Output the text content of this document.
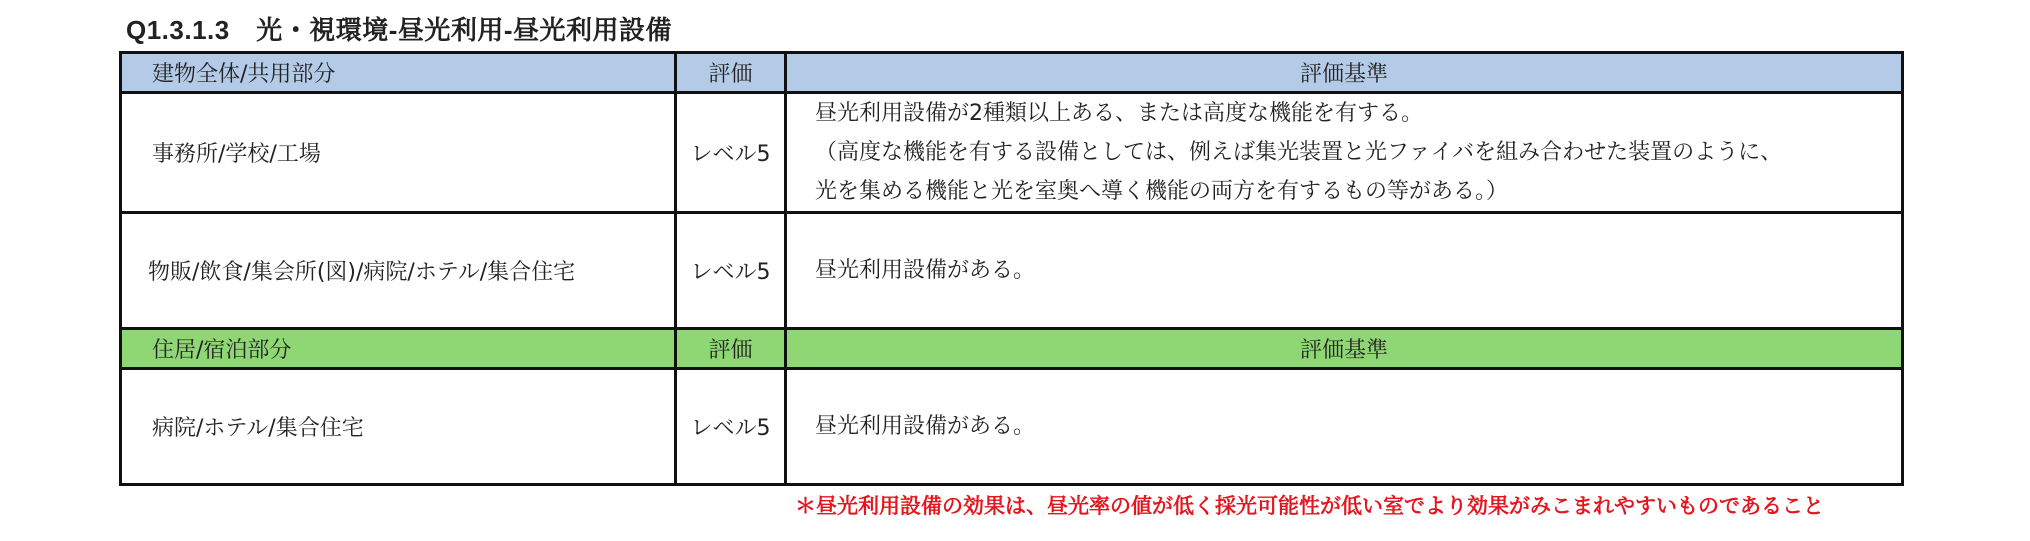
Q1.3.1.3　光・視環境-昼光利用-昼光利用設備
建物全体/共用部分	評価	評価基準
事務所/学校/工場	レベル5	昼光利用設備が2種類以上ある、または高度な機能を有する。
（高度な機能を有する設備としては、例えば集光装置と光ファイバを組み合わせた装置のように、
光を集める機能と光を室奥へ導く機能の両方を有するもの等がある。）

物販/飲食/集会所(図)/病院/ホテル/集合住宅	レベル5	昼光利用設備がある。

住居/宿泊部分	評価	評価基準
病院/ホテル/集合住宅	レベル5	昼光利用設備がある。
＊昼光利用設備の効果は、昼光率の値が低く採光可能性が低い室でより効果がみこまれやすいものであること
